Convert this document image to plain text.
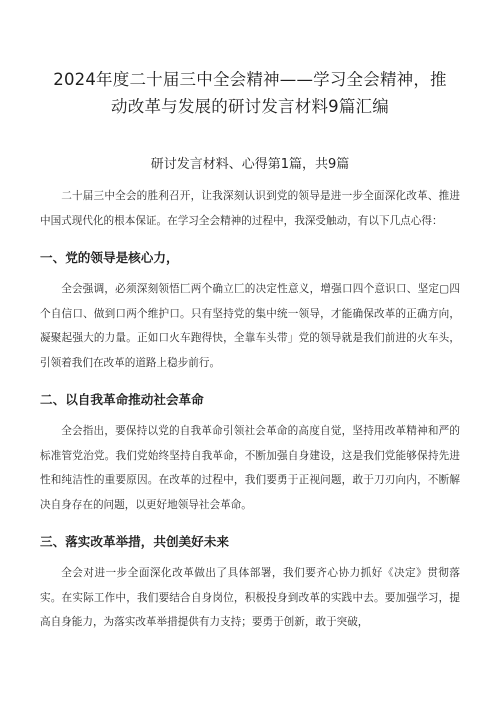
2024年度二十届三中全会精神——学习全会精神，推动改革与发展的研讨发言材料9篇汇编
研讨发言材料、心得第1篇，共9篇

二十届三中全会的胜利召开，让我深刻认识到党的领导是进一步全面深化改革、推进中国式现代化的根本保证。在学习全会精神的过程中，我深受触动，有以下几点心得：

一、党的领导是核心力，

全会强调，必须深刻领悟匚两个确立匚的决定性意义，增强口四个意识口、坚定▢四个自信口、做到口两个维护口。只有坚持党的集中统一领导，才能确保改革的正确方向，凝聚起强大的力量。正如口火车跑得快，全靠车头带」党的领导就是我们前进的火车头，引领着我们在改革的道路上稳步前行。

二、以自我革命推动社会革命

全会指出，要保持以党的自我革命引领社会革命的高度自觉，坚持用改革精神和严的标准管党治党。我们党始终坚持自我革命，不断加强自身建设，这是我们党能够保持先进性和纯洁性的重要原因。在改革的过程中，我们要勇于正视问题，敢于刀刃向内，不断解决自身存在的问题，以更好地领导社会革命。

三、落实改革举措，共创美好未来

全会对进一步全面深化改革做出了具体部署，我们要齐心协力抓好《决定》贯彻落实。在实际工作中，我们要结合自身岗位，积极投身到改革的实践中去。要加强学习，提高自身能力，为落实改革举措提供有力支持；要勇于创新，敢于突破，
